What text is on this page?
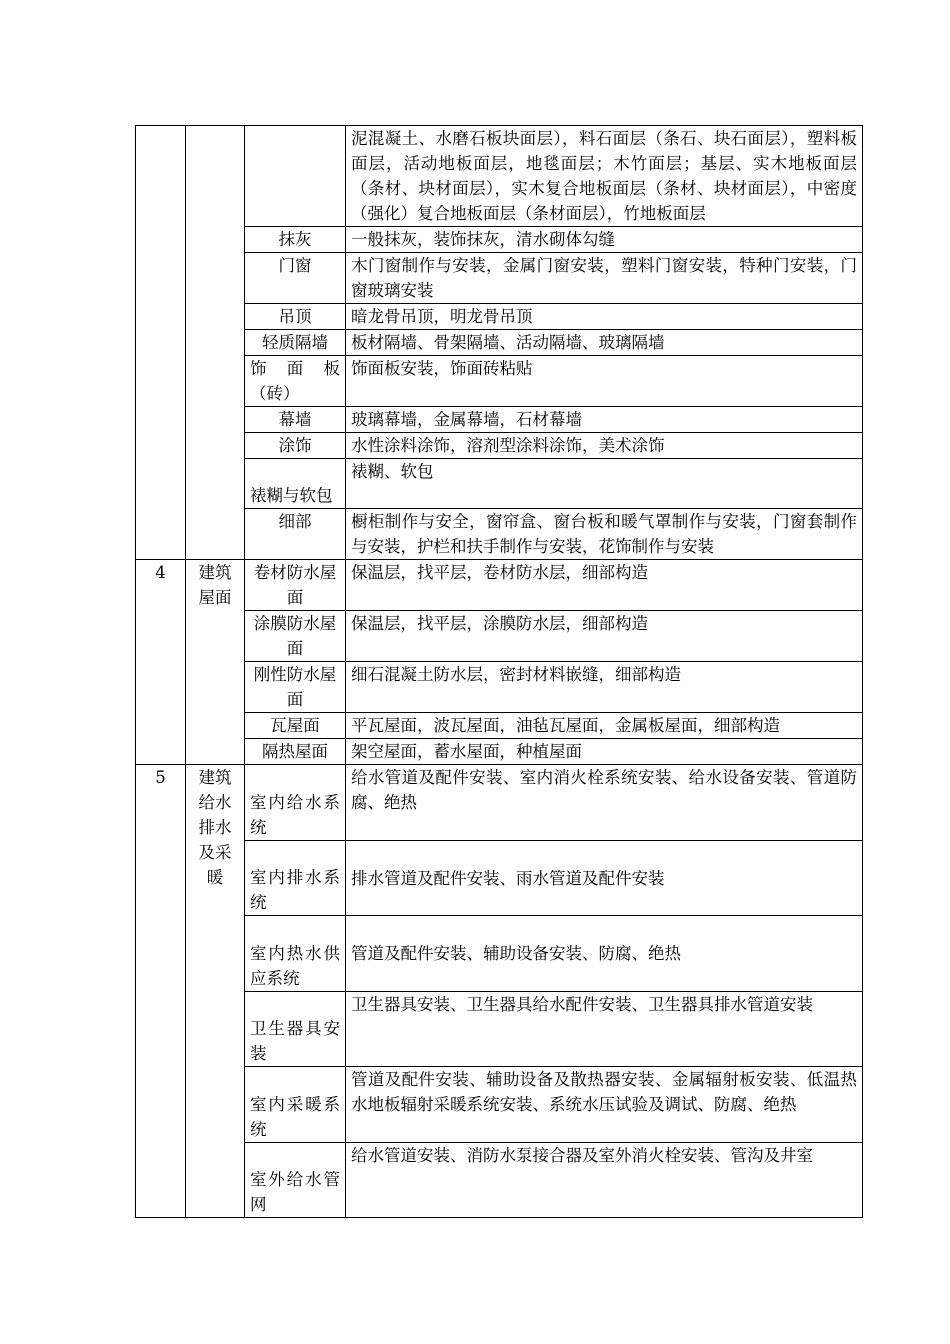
			泥混凝土、水磨石板块面层），料石面层（条石、块石面层），塑料板面层，活动地板面层，地毯面层；木竹面层；基层、实木地板面层（条材、块材面层），实木复合地板面层（条材、块材面层），中密度（强化）复合地板面层（条材面层），竹地板面层
		抹灰	一般抹灰，装饰抹灰，清水砌体勾缝
		门窗	木门窗制作与安装，金属门窗安装，塑料门窗安装，特种门安装，门窗玻璃安装
		吊顶	暗龙骨吊顶，明龙骨吊顶
		轻质隔墙	板材隔墙、骨架隔墙、活动隔墙、玻璃隔墙
		饰 面 板（砖）	饰面板安装，饰面砖粘贴
		幕墙	玻璃幕墙，金属幕墙，石材幕墙
		涂饰	水性涂料涂饰，溶剂型涂料涂饰，美术涂饰
		裱糊与软包	裱糊、软包
		细部	橱柜制作与安全，窗帘盒、窗台板和暖气罩制作与安装，门窗套制作与安装，护栏和扶手制作与安装，花饰制作与安装
4	建筑屋面	卷材防水屋面	保温层，找平层，卷材防水层，细部构造
		涂膜防水屋面	保温层，找平层，涂膜防水层，细部构造
		刚性防水屋面	细石混凝土防水层，密封材料嵌缝，细部构造
		瓦屋面	平瓦屋面，波瓦屋面，油毡瓦屋面，金属板屋面，细部构造
		隔热屋面	架空屋面，蓄水屋面，种植屋面
5	建筑给水排水及采暖	室内给水系统	给水管道及配件安装、室内消火栓系统安装、给水设备安装、管道防腐、绝热
		室内排水系统	排水管道及配件安装、雨水管道及配件安装
		室内热水供应系统	管道及配件安装、辅助设备安装、防腐、绝热
		卫生器具安装	卫生器具安装、卫生器具给水配件安装、卫生器具排水管道安装
		室内采暖系统	管道及配件安装、辅助设备及散热器安装、金属辐射板安装、低温热水地板辐射采暖系统安装、系统水压试验及调试、防腐、绝热
		室外给水管网	给水管道安装、消防水泵接合器及室外消火栓安装、管沟及井室
